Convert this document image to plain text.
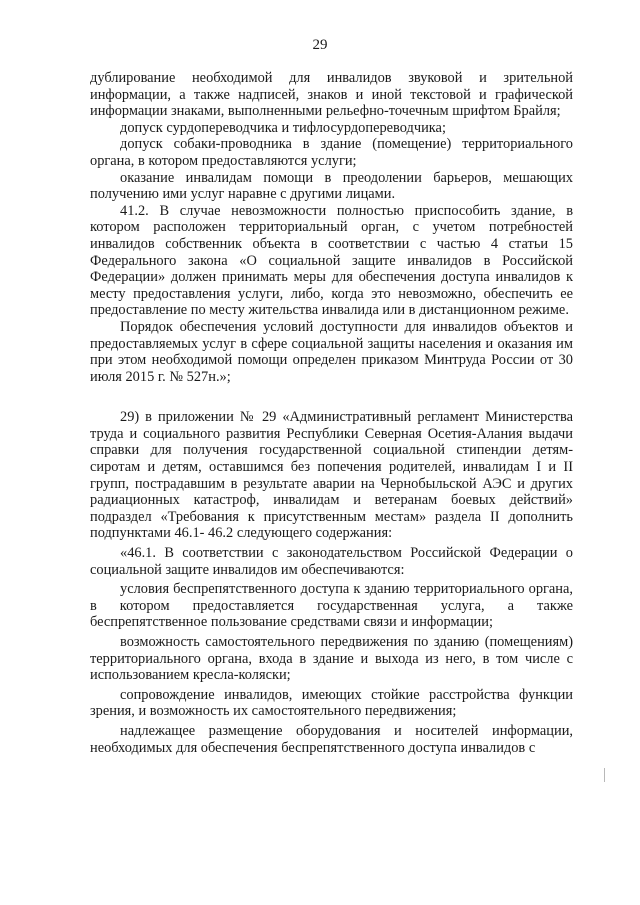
29

дублирование необходимой для инвалидов звуковой и зрительной информации, а также надписей, знаков и иной текстовой и графической информации знаками, выполненными рельефно-точечным шрифтом Брайля;

допуск сурдопереводчика и тифлосурдопереводчика;

допуск собаки-проводника в здание (помещение) территориального органа, в котором предоставляются услуги;

оказание инвалидам помощи в преодолении барьеров, мешающих получению ими услуг наравне с другими лицами.

41.2. В случае невозможности полностью приспособить здание, в котором расположен территориальный орган, с учетом потребностей инвалидов собственник объекта в соответствии с частью 4 статьи 15 Федерального закона «О социальной защите инвалидов в Российской Федерации» должен принимать меры для обеспечения доступа инвалидов к месту предоставления услуги, либо, когда это невозможно, обеспечить ее предоставление по месту жительства инвалида или в дистанционном режиме.

Порядок обеспечения условий доступности для инвалидов объектов и предоставляемых услуг в сфере социальной защиты населения и оказания им при этом необходимой помощи определен приказом Минтруда России от 30 июля 2015 г. № 527н.»;

29) в приложении № 29 «Административный регламент Министерства труда и социального развития Республики Северная Осетия-Алания выдачи справки для получения государственной социальной стипендии детям-сиротам и детям, оставшимся без попечения родителей, инвалидам I и II групп, пострадавшим в результате аварии на Чернобыльской АЭС и других радиационных катастроф, инвалидам и ветеранам боевых действий» подраздел «Требования к присутственным местам» раздела II дополнить подпунктами 46.1- 46.2 следующего содержания:

«46.1. В соответствии с законодательством Российской Федерации о социальной защите инвалидов им обеспечиваются:

условия беспрепятственного доступа к зданию территориального органа, в котором предоставляется государственная услуга, а также беспрепятственное пользование средствами связи и информации;

возможность самостоятельного передвижения по зданию (помещениям) территориального органа, входа в здание и выхода из него, в том числе с использованием кресла-коляски;

сопровождение инвалидов, имеющих стойкие расстройства функции зрения, и возможность их самостоятельного передвижения;

надлежащее размещение оборудования и носителей информации, необходимых для обеспечения беспрепятственного доступа инвалидов с
